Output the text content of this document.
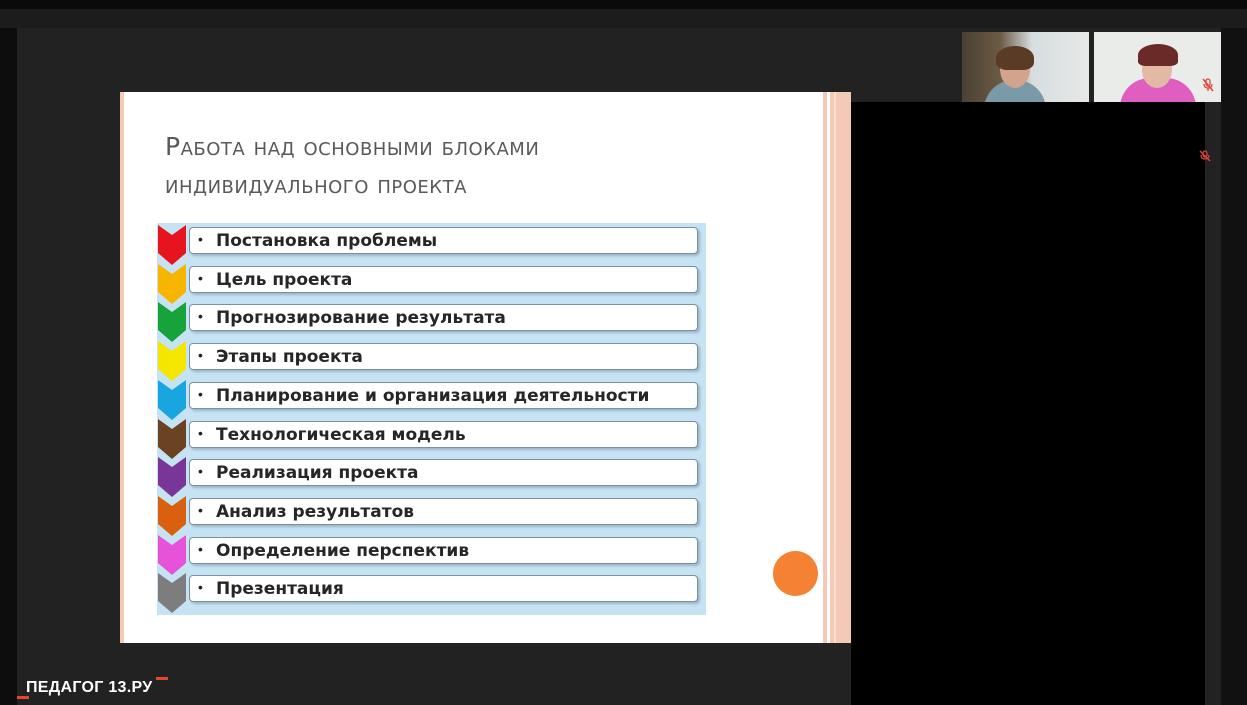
Работа над основными блоками
индивидуального проекта
• Постановка проблемы
• Цель проекта
• Прогнозирование результата
• Этапы проекта
• Планирование и организация деятельности
• Технологическая модель
• Реализация проекта
• Анализ результатов
• Определение перспектив
• Презентация
ПЕДАГОГ 13.РУ
